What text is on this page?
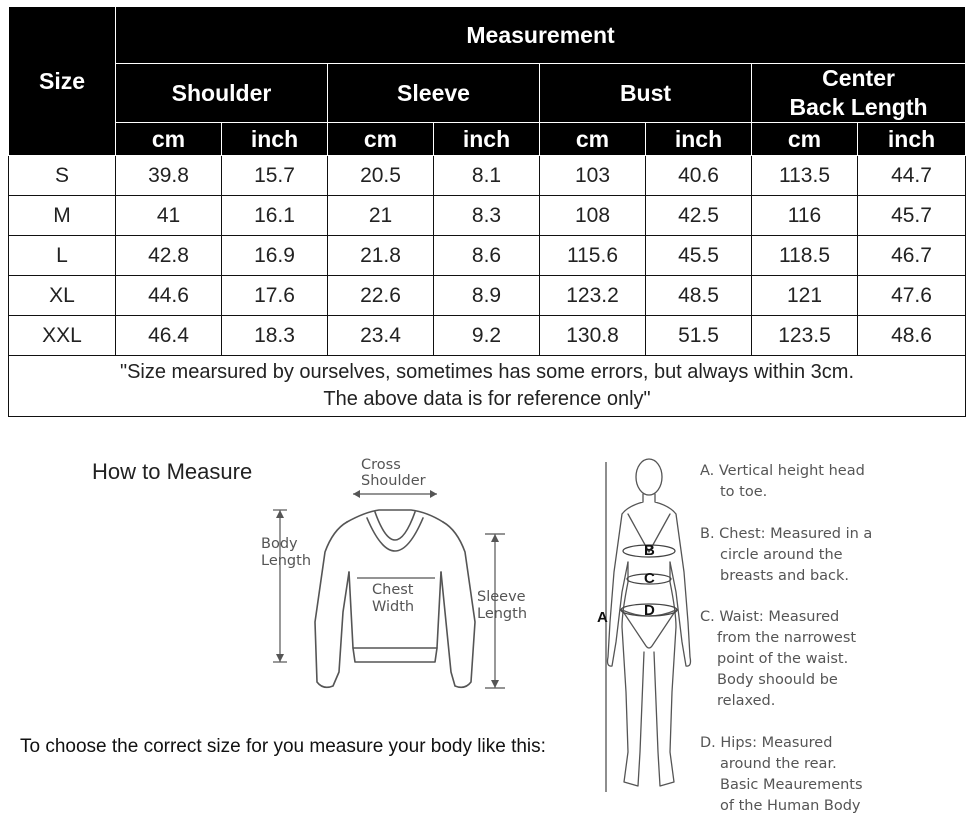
Size	Measurement							
	Shoulder		Sleeve		Bust		Center
Back Length	
	cm	inch	cm	inch	cm	inch	cm	inch
S	39.8	15.7	20.5	8.1	103	40.6	113.5	44.7
M	41	16.1	21	8.3	108	42.5	116	45.7
L	42.8	16.9	21.8	8.6	115.6	45.5	118.5	46.7
XL	44.6	17.6	22.6	8.9	123.2	48.5	121	47.6
XXL	46.4	18.3	23.4	9.2	130.8	51.5	123.5	48.6
"Size mearsured by ourselves, sometimes has some errors, but always within 3cm.
The above data is for reference only"								
How to Measure	Cross
Shoulder
Body
Length
Chest
Width
Sleeve
Length
B
C
D
A
A. Vertical height head
to toe.
B. Chest: Measured in a
circle around the
breasts and back.
C. Waist: Measured
from the narrowest
point of the waist.
Body shoould be
relaxed.
D. Hips: Measured
around the rear.
Basic Meaurements
of the Human Body
To choose the correct size for you measure your body like this:
